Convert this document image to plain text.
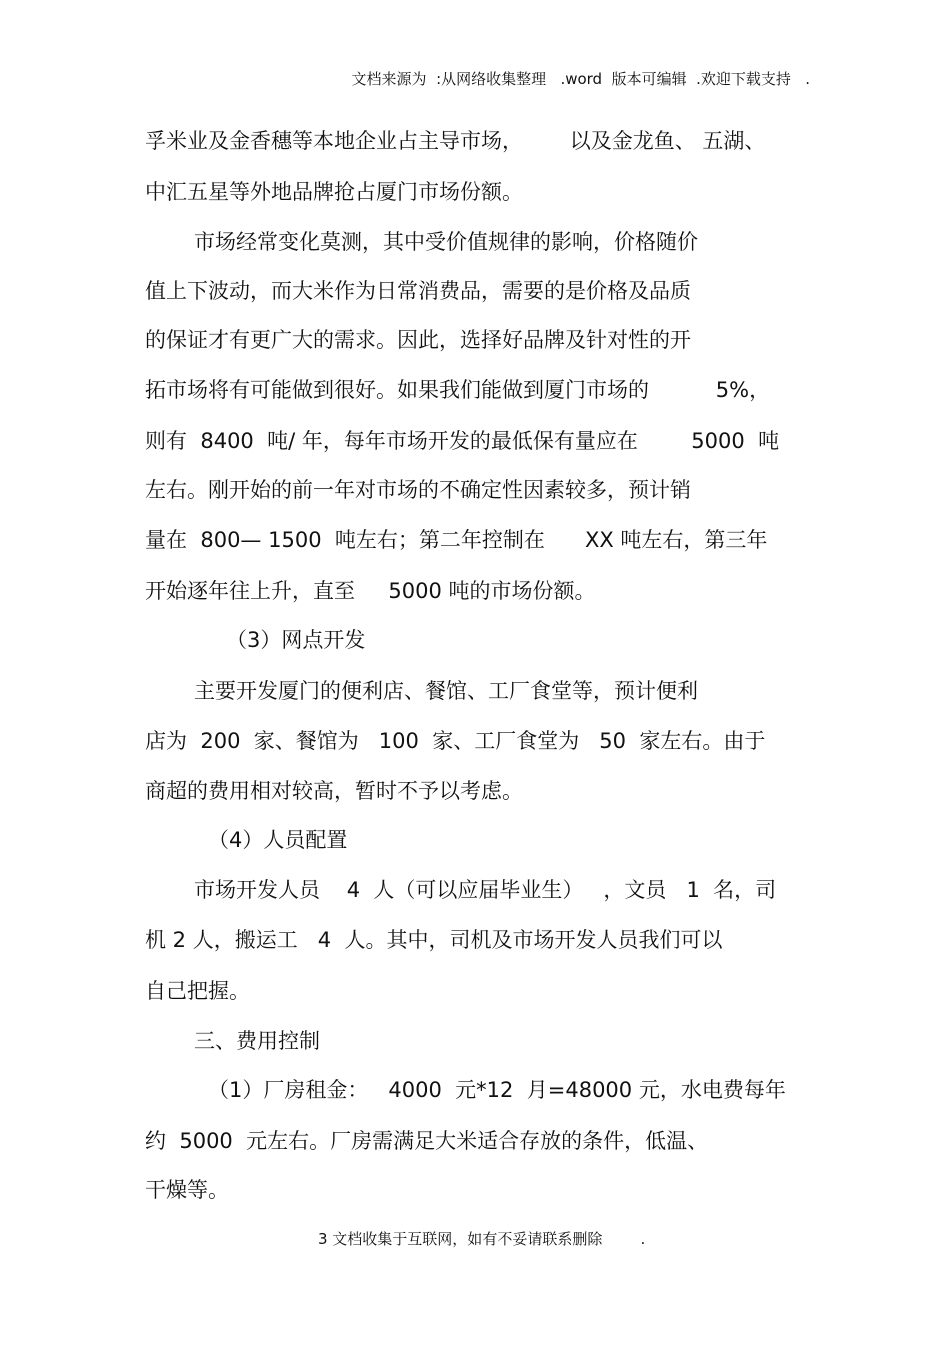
文档来源为  :从网络收集整理   .word  版本可编辑  .欢迎下载支持   .
孚米业及金香穗等本地企业占主导市场，       以及金龙鱼、 五湖、
中汇五星等外地品牌抢占厦门市场份额。
市场经常变化莫测，其中受价值规律的影响，价格随价
值上下波动，而大米作为日常消费品，需要的是价格及品质
的保证才有更广大的需求。因此，选择好品牌及针对性的开
拓市场将有可能做到很好。如果我们能做到厦门市场的          5%，
则有  8400  吨/ 年，每年市场开发的最低保有量应在        5000  吨
左右。刚开始的前一年对市场的不确定性因素较多，预计销
量在  800— 1500  吨左右；第二年控制在      XX 吨左右，第三年
开始逐年往上升，直至     5000 吨的市场份额。
（3）网点开发
主要开发厦门的便利店、餐馆、工厂食堂等，预计便利
店为  200  家、餐馆为   100  家、工厂食堂为   50  家左右。由于
商超的费用相对较高，暂时不予以考虑。
（4）人员配置
市场开发人员    4  人（可以应届毕业生）   ，文员   1  名，司
机 2 人，搬运工   4  人。其中，司机及市场开发人员我们可以
自己把握。
三、费用控制
（1）厂房租金：   4000  元*12  月=48000 元，水电费每年
约  5000  元左右。厂房需满足大米适合存放的条件，低温、
干燥等。
3 文档收集于互联网，如有不妥请联系删除        .
